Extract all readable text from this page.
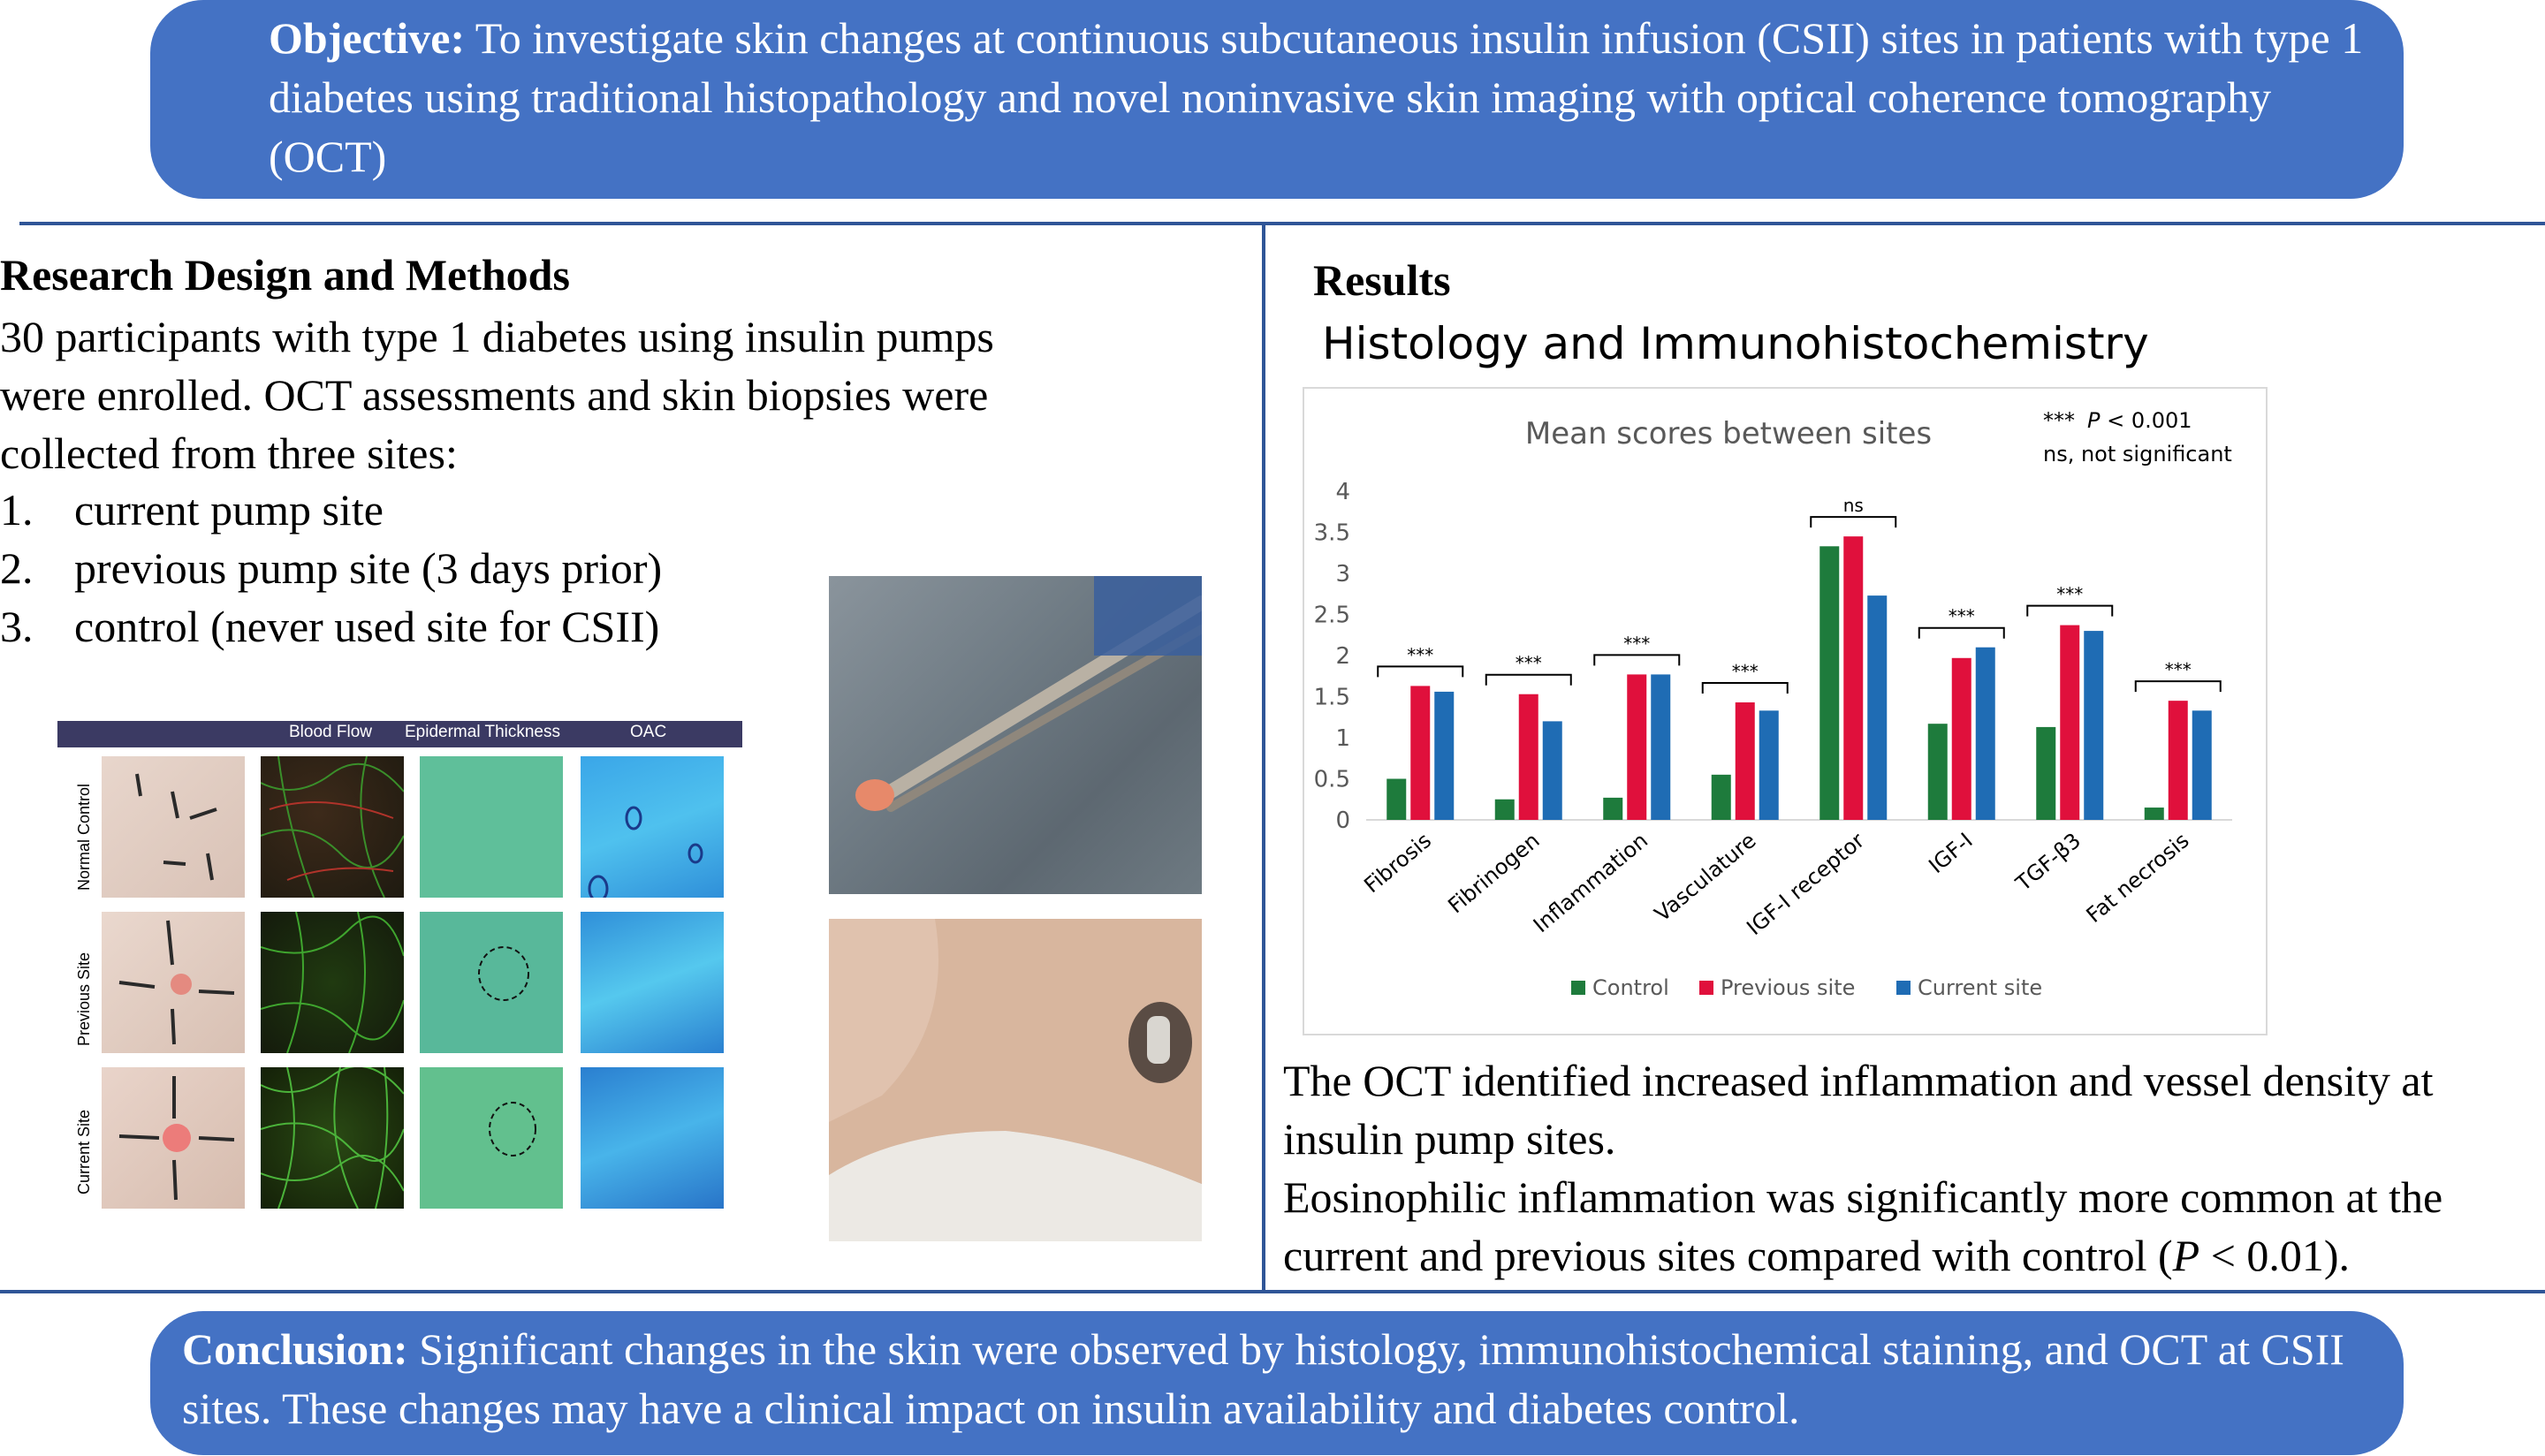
Objective: To investigate skin changes at continuous subcutaneous insulin infusion (CSII) sites in patients with type 1 diabetes using traditional histopathology and novel noninvasive skin imaging with optical coherence tomography (OCT)

Research Design and Methods
30 participants with type 1 diabetes using insulin pumps
were enrolled. OCT assessments and skin biopsies were
collected from three sites:
1. current pump site
2. previous pump site (3 days prior)
3. control (never used site for CSII)
Blood Flow Epidermal Thickness	OAC
Normal Control
Previous Site
Current Site
Results
Histology and Immunohistochemistry
Mean scores between sites	*** P < 0.001
ns, not significant
0
0.5
1
1.5
2
2.5
3
3.5
4
***	***
***
***
ns
***
***
***
Fibrosis Fibrinogen
Inflammation
Vasculature
IGF-I receptor	IGF-I TGF-β3
Fat necrosis
Control Previous site	Current site
The OCT identified increased inflammation and vessel density at insulin pump sites.
Eosinophilic inflammation was significantly more common at the current and previous sites compared with control (P < 0.01).

Conclusion: Significant changes in the skin were observed by histology, immunohistochemical staining, and OCT at CSII sites. These changes may have a clinical impact on insulin availability and diabetes control.
